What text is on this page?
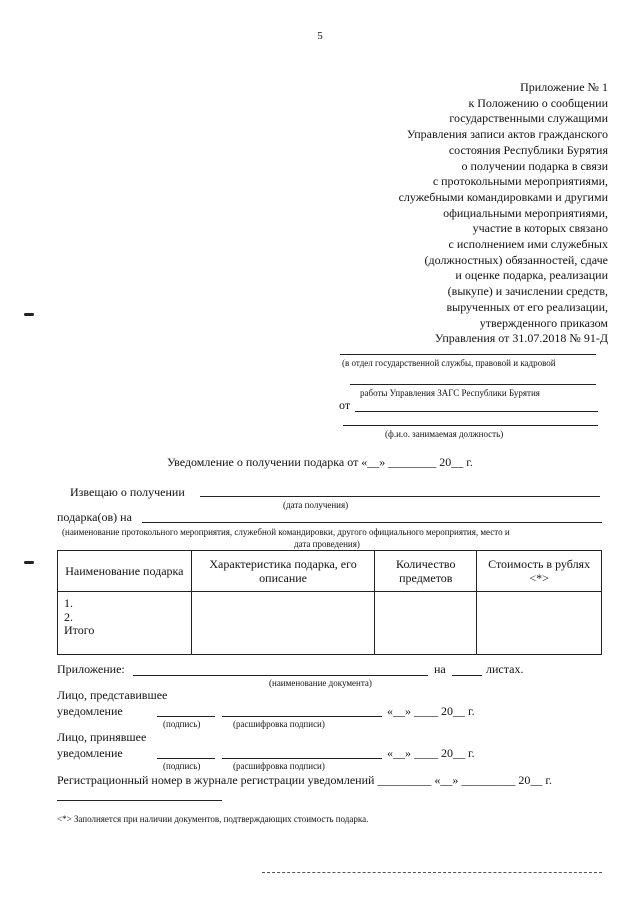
5
Приложение № 1
к Положению о сообщении
государственными служащими
Управления записи актов гражданского
состояния Республики Бурятия
о получении подарка в связи
с протокольными мероприятиями,
служебными командировками и другими
официальными мероприятиями,
участие в которых связано
с исполнением ими служебных
(должностных) обязанностей, сдаче
и оценке подарка, реализации
(выкупе) и зачислении средств,
вырученных от его реализации,
утвержденного приказом
Управления от 31.07.2018 № 91-Д
(в отдел государственной службы, правовой и кадровой
работы Управления ЗАГС Республики Бурятия
от
(ф.и.о. занимаемая должность)
Уведомление о получении подарка от «__» ________ 20__ г.
Извещаю о получении
(дата получения)
подарка(ов) на
(наименование протокольного мероприятия, служебной командировки, другого официального мероприятия, место и
дата проведения)
Наименование подарка	Характеристика подарка, его описание	Количество предметов	Стоимость в рублях <*>

1.
2.
Итого			

Приложение:	на	листах.
(наименование документа)
Лицо, представившее
уведомление	«__» ____ 20__ г.
(подпись)	(расшифровка подписи)
Лицо, принявшее
уведомление	«__» ____ 20__ г.
(подпись)	(расшифровка подписи)
Регистрационный номер в журнале регистрации уведомлений _________ «__» _________ 20__ г.
<*> Заполняется при наличии документов, подтверждающих стоимость подарка.
